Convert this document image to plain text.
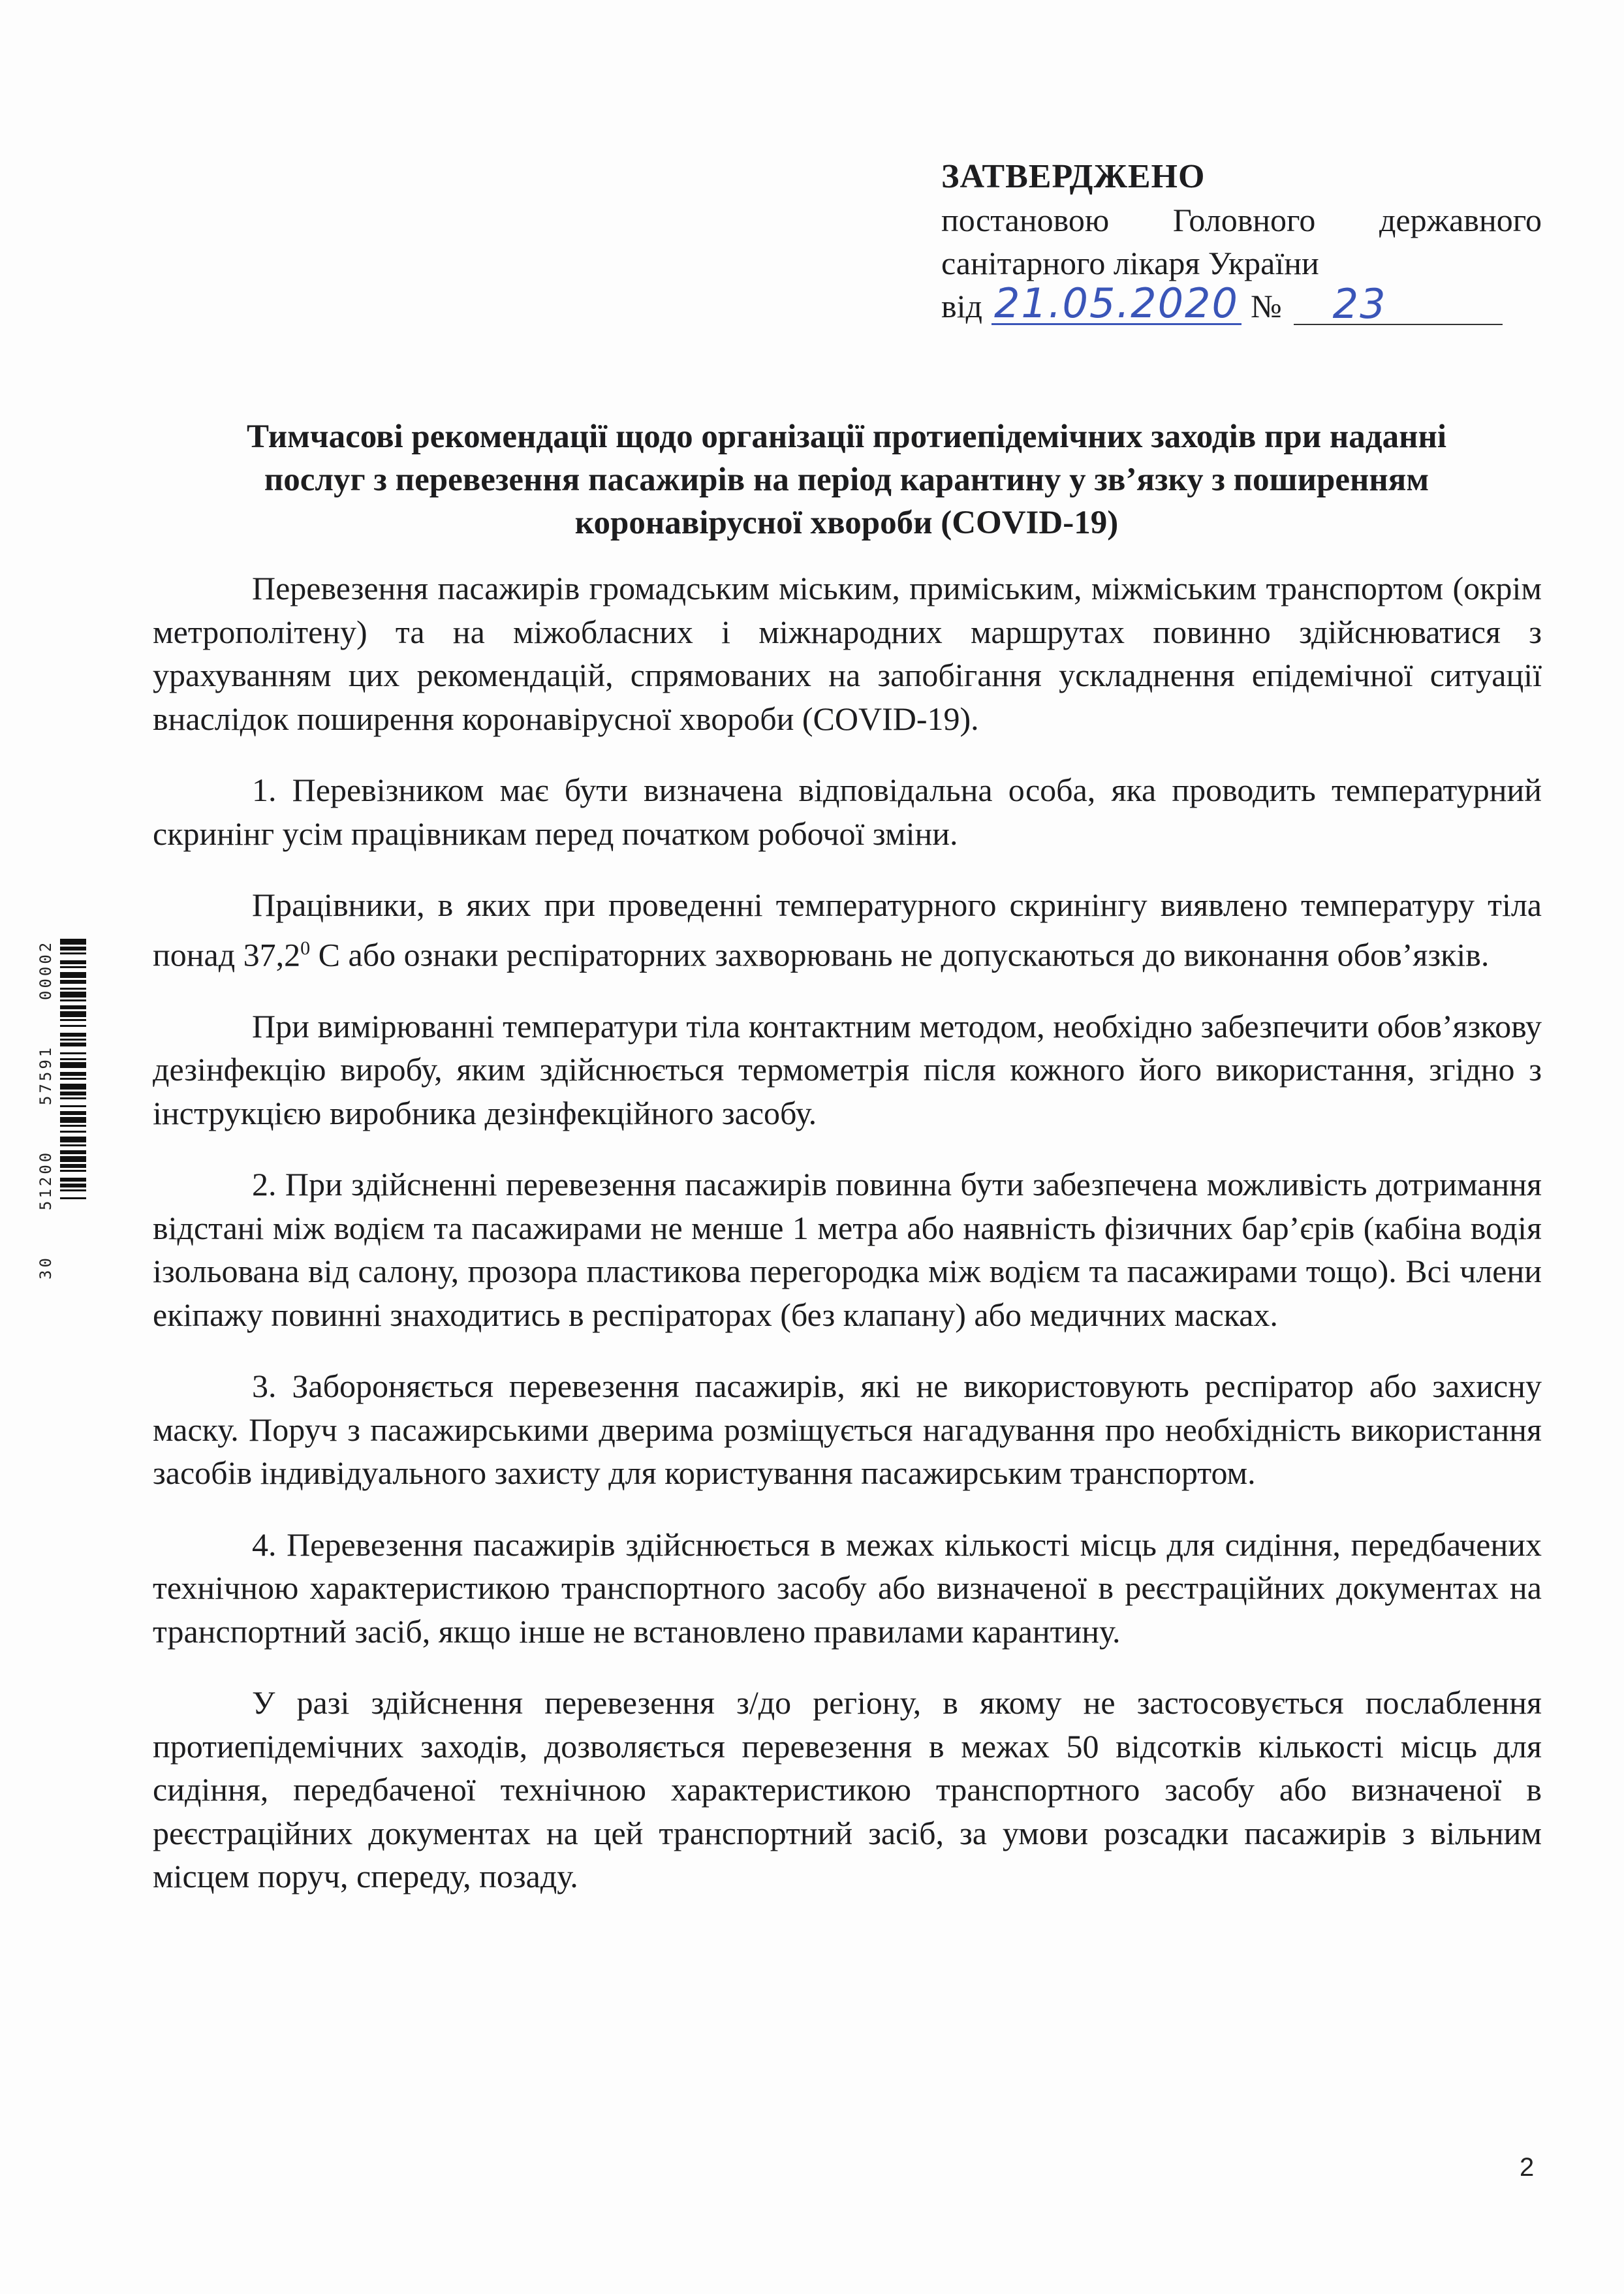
ЗАТВЕРДЖЕНО
постановою Головного державного
санітарного лікаря України
від 21.05.2020 №	23
Тимчасові рекомендації щодо організації протиепідемічних заходів при наданні
послуг з перевезення пасажирів на період карантину у зв’язку з поширенням
коронавірусної хвороби (COVID-19)

Перевезення пасажирів громадським міським, приміським, міжміським транспортом (окрім метрополітену) та на міжобласних і міжнародних маршрутах повинно здійснюватися з урахуванням цих рекомендацій, спрямованих на запобігання ускладнення епідемічної ситуації внаслідок поширення коронавірусної хвороби (COVID-19).

1. Перевізником має бути визначена відповідальна особа, яка проводить температурний скринінг усім працівникам перед початком робочої зміни.

Працівники, в яких при проведенні температурного скринінгу виявлено температуру тіла понад 37,2$^0$ С або ознаки респіраторних захворювань не допускаються до виконання обов’язків.

При вимірюванні температури тіла контактним методом, необхідно забезпечити обов’язкову дезінфекцію виробу, яким здійснюється термометрія після кожного його використання, згідно з інструкцією виробника дезінфекційного засобу.

2. При здійсненні перевезення пасажирів повинна бути забезпечена можливість дотримання відстані між водієм та пасажирами не менше 1 метра або наявність фізичних бар’єрів (кабіна водія ізольована від салону, прозора пластикова перегородка між водієм та пасажирами тощо). Всі члени екіпажу повинні знаходитись в респіраторах (без клапану) або медичних масках.

3. Забороняється перевезення пасажирів, які не використовують респіратор або захисну маску. Поруч з пасажирськими дверима розміщується нагадування про необхідність використання засобів індивідуального захисту для користування пасажирським транспортом.

4. Перевезення пасажирів здійснюється в межах кількості місць для сидіння, передбачених технічною характеристикою транспортного засобу або визначеної в реєстраційних документах на транспортний засіб, якщо інше не встановлено правилами карантину.

У разі здійснення перевезення з/до регіону, в якому не застосовується послаблення протиепідемічних заходів, дозволяється перевезення в межах 50 відсотків кількості місць для сидіння, передбаченої технічною характеристикою транспортного засобу або визначеної в реєстраційних документах на цей транспортний засіб, за умови розсадки пасажирів з вільним місцем поруч, спереду, позаду.

30
51200
57591
00002
2
